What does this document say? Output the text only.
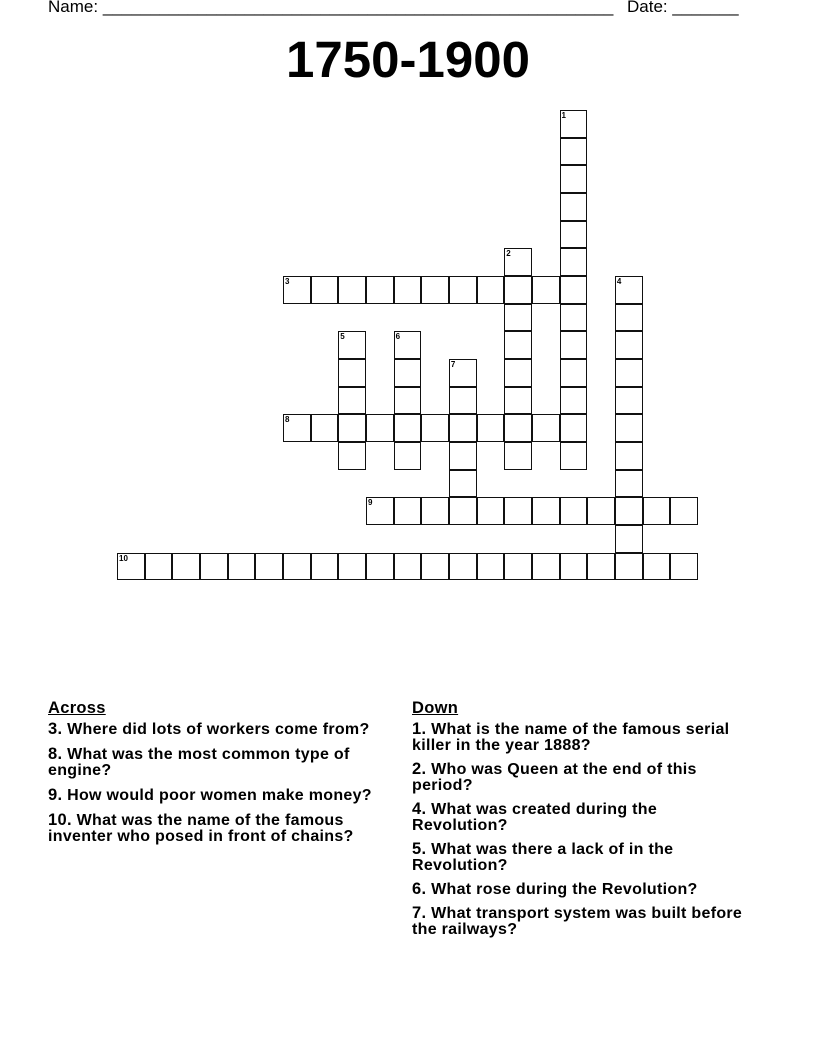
Name: ______________________________________________________ Date: _______
1750-1900
1
2
3	4
5	6
7
8
9
10
Across
3. Where did lots of workers come from?
8. What was the most common type of engine?
9. How would poor women make money?
10. What was the name of the famous inventer who posed in front of chains?
Down
1. What is the name of the famous serial killer in the year 1888?
2. Who was Queen at the end of this period?
4. What was created during the Revolution?
5. What was there a lack of in the Revolution?
6. What rose during the Revolution?
7. What transport system was built before the railways?
